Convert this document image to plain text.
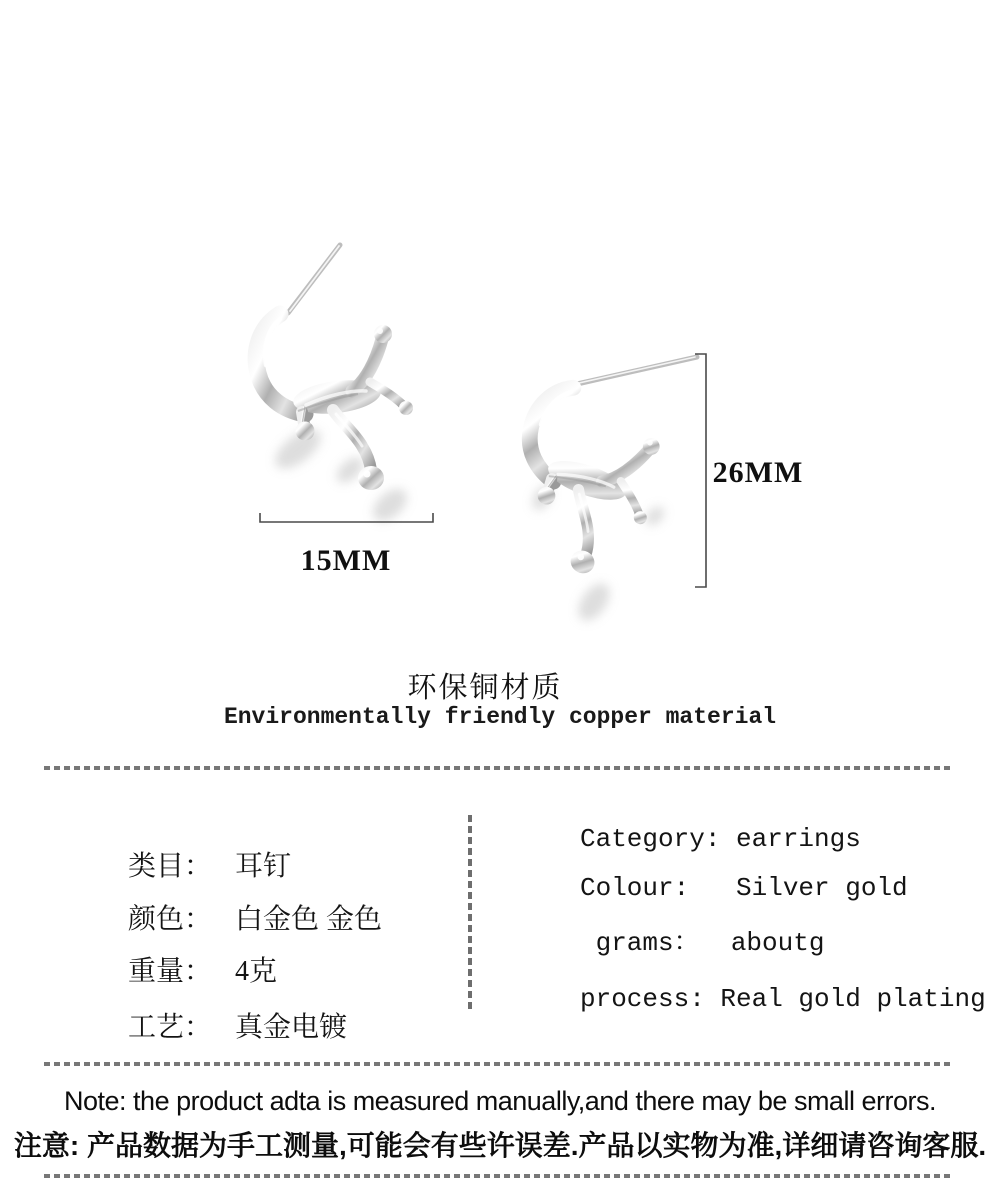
15MM
26MM
环保铜材质
Environmentally friendly copper material

类目： 耳钉

颜色： 白金色 金色

重量： 4克

工艺： 真金电镀

Category: earrings
Colour:   Silver gold
grams：  aboutg
process: Real gold plating
Note: the product adta is measured manually,and there may be small errors.
注意: 产品数据为手工测量,可能会有些许误差.产品以实物为准,详细请咨询客服.
